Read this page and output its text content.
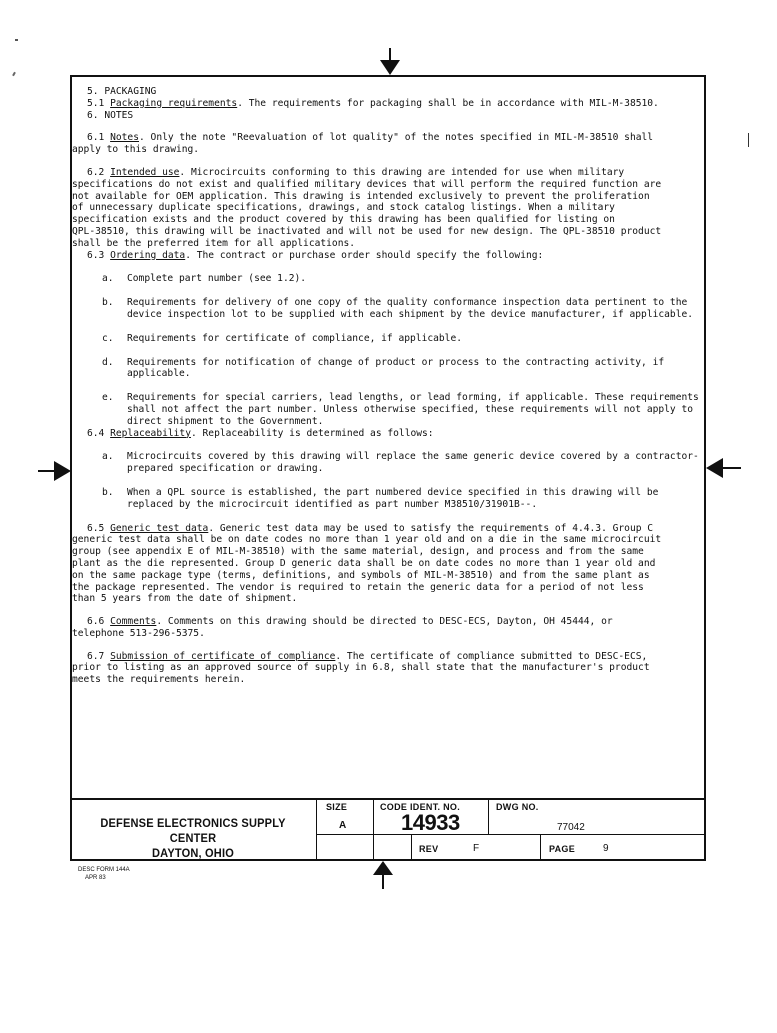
5. PACKAGING

5.1 Packaging requirements. The requirements for packaging shall be in accordance with MIL-M-38510.

6. NOTES

6.1 Notes. Only the note "Reevaluation of lot quality" of the notes specified in MIL-M-38510 shall

apply to this drawing.

6.2 Intended use. Microcircuits conforming to this drawing are intended for use when military

specifications do not exist and qualified military devices that will perform the required function are

not available for OEM application. This drawing is intended exclusively to prevent the proliferation

of unnecessary duplicate specifications, drawings, and stock catalog listings. When a military

specification exists and the product covered by this drawing has been qualified for listing on

QPL-38510, this drawing will be inactivated and will not be used for new design. The QPL-38510 product

shall be the preferred item for all applications.

6.3 Ordering data. The contract or purchase order should specify the following:

a.	Complete part number (see 1.2).
b.	Requirements for delivery of one copy of the quality conformance inspection data pertinent to the device inspection lot to be supplied with each shipment by the device manufacturer, if applicable.
c.	Requirements for certificate of compliance, if applicable.
d.	Requirements for notification of change of product or process to the contracting activity, if applicable.
e.	Requirements for special carriers, lead lengths, or lead forming, if applicable. These requirements shall not affect the part number. Unless otherwise specified, these requirements will not apply to direct shipment to the Government.

6.4 Replaceability. Replaceability is determined as follows:

a.	Microcircuits covered by this drawing will replace the same generic device covered by a contractor-prepared specification or drawing.
b.	When a QPL source is established, the part numbered device specified in this drawing will be replaced by the microcircuit identified as part number M38510/31901B--.

6.5 Generic test data. Generic test data may be used to satisfy the requirements of 4.4.3. Group C

generic test data shall be on date codes no more than 1 year old and on a die in the same microcircuit

group (see appendix E of MIL-M-38510) with the same material, design, and process and from the same

plant as the die represented. Group D generic data shall be on date codes no more than 1 year old and

on the same package type (terms, definitions, and symbols of MIL-M-38510) and from the same plant as

the package represented. The vendor is required to retain the generic data for a period of not less

than 5 years from the date of shipment.

6.6 Comments. Comments on this drawing should be directed to DESC-ECS, Dayton, OH 45444, or

telephone 513-296-5375.

6.7 Submission of certificate of compliance. The certificate of compliance submitted to DESC-ECS,

prior to listing as an approved source of supply in 6.8, shall state that the manufacturer's product

meets the requirements herein.

DEFENSE ELECTRONICS SUPPLY CENTER
DAYTON, OHIO
SIZE
A
CODE IDENT. NO.
14933
DWG NO.
77042
REV	F	PAGE	9
DESC FORM 144A
APR 83
